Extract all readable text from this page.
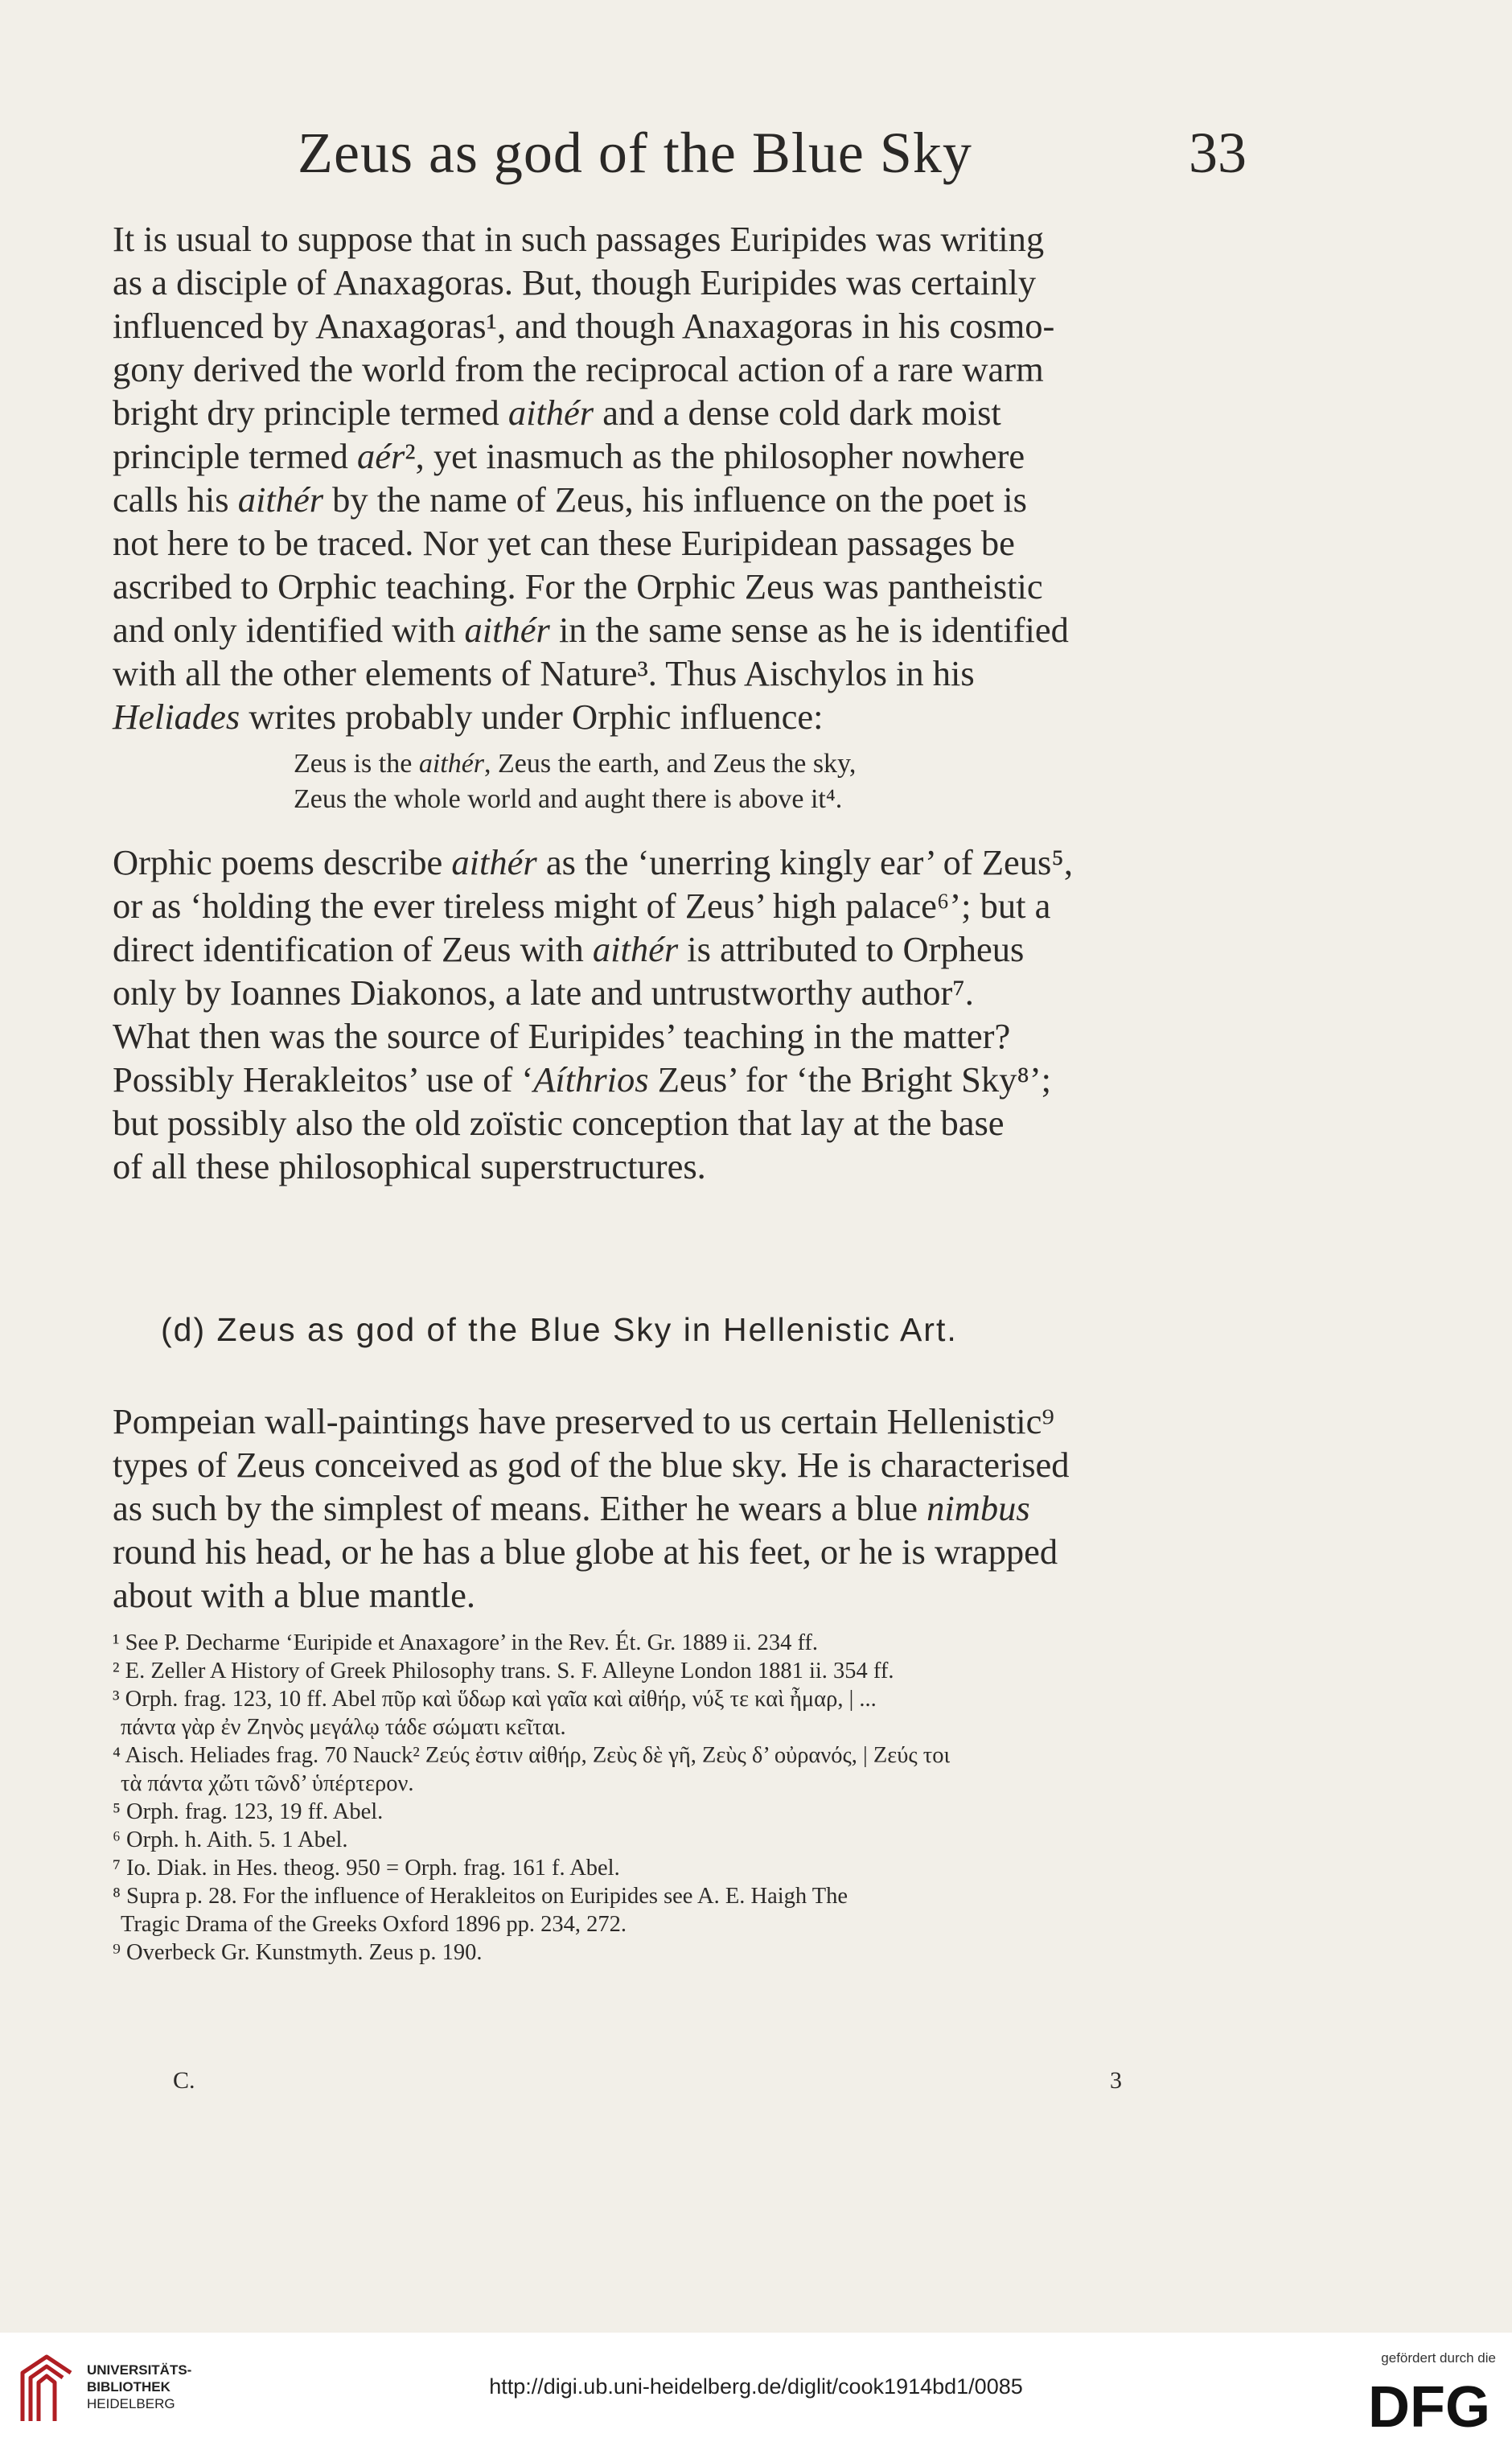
Zeus as god of the Blue Sky	33

It is usual to suppose that in such passages Euripides was writing
as a disciple of Anaxagoras. But, though Euripides was certainly
influenced by Anaxagoras¹, and though Anaxagoras in his cosmo-
gony derived the world from the reciprocal action of a rare warm
bright dry principle termed aithér and a dense cold dark moist
principle termed aér², yet inasmuch as the philosopher nowhere
calls his aithér by the name of Zeus, his influence on the poet is
not here to be traced. Nor yet can these Euripidean passages be
ascribed to Orphic teaching. For the Orphic Zeus was pantheistic
and only identified with aithér in the same sense as he is identified
with all the other elements of Nature³. Thus Aischylos in his
Heliades writes probably under Orphic influence:

Zeus is the aithér, Zeus the earth, and Zeus the sky,
Zeus the whole world and aught there is above it⁴.

Orphic poems describe aithér as the ‘unerring kingly ear’ of Zeus⁵,
or as ‘holding the ever tireless might of Zeus’ high palace⁶’; but a
direct identification of Zeus with aithér is attributed to Orpheus
only by Ioannes Diakonos, a late and untrustworthy author⁷.
What then was the source of Euripides’ teaching in the matter?
Possibly Herakleitos’ use of ‘Aíthrios Zeus’ for ‘the Bright Sky⁸’;
but possibly also the old zoïstic conception that lay at the base
of all these philosophical superstructures.

(d) Zeus as god of the Blue Sky in Hellenistic Art.

Pompeian wall-paintings have preserved to us certain Hellenistic⁹
types of Zeus conceived as god of the blue sky. He is characterised
as such by the simplest of means. Either he wears a blue nimbus
round his head, or he has a blue globe at his feet, or he is wrapped
about with a blue mantle.

¹ See P. Decharme ‘Euripide et Anaxagore’ in the Rev. Ét. Gr. 1889 ii. 234 ff.
² E. Zeller A History of Greek Philosophy trans. S. F. Alleyne London 1881 ii. 354 ff.
³ Orph. frag. 123, 10 ff. Abel πῦρ καὶ ὕδωρ καὶ γαῖα καὶ αἰθήρ, νύξ τε καὶ ἦμαρ, | ...
πάντα γὰρ ἐν Ζηνὸς μεγάλῳ τάδε σώματι κεῖται.
⁴ Aisch. Heliades frag. 70 Nauck² Ζεύς ἐστιν αἰθήρ, Ζεὺς δὲ γῆ, Ζεὺς δ’ οὐρανός, | Ζεύς τοι
τὰ πάντα χὤτι τῶνδ’ ὑπέρτερον.
⁵ Orph. frag. 123, 19 ff. Abel.
⁶ Orph. h. Aith. 5. 1 Abel.
⁷ Io. Diak. in Hes. theog. 950 = Orph. frag. 161 f. Abel.
⁸ Supra p. 28. For the influence of Herakleitos on Euripides see A. E. Haigh The
Tragic Drama of the Greeks Oxford 1896 pp. 234, 272.
⁹ Overbeck Gr. Kunstmyth. Zeus p. 190.
C.	3
UNIVERSITÄTS-
BIBLIOTHEK
HEIDELBERG
http://digi.ub.uni-heidelberg.de/diglit/cook1914bd1/0085
gefördert durch die
DFG
